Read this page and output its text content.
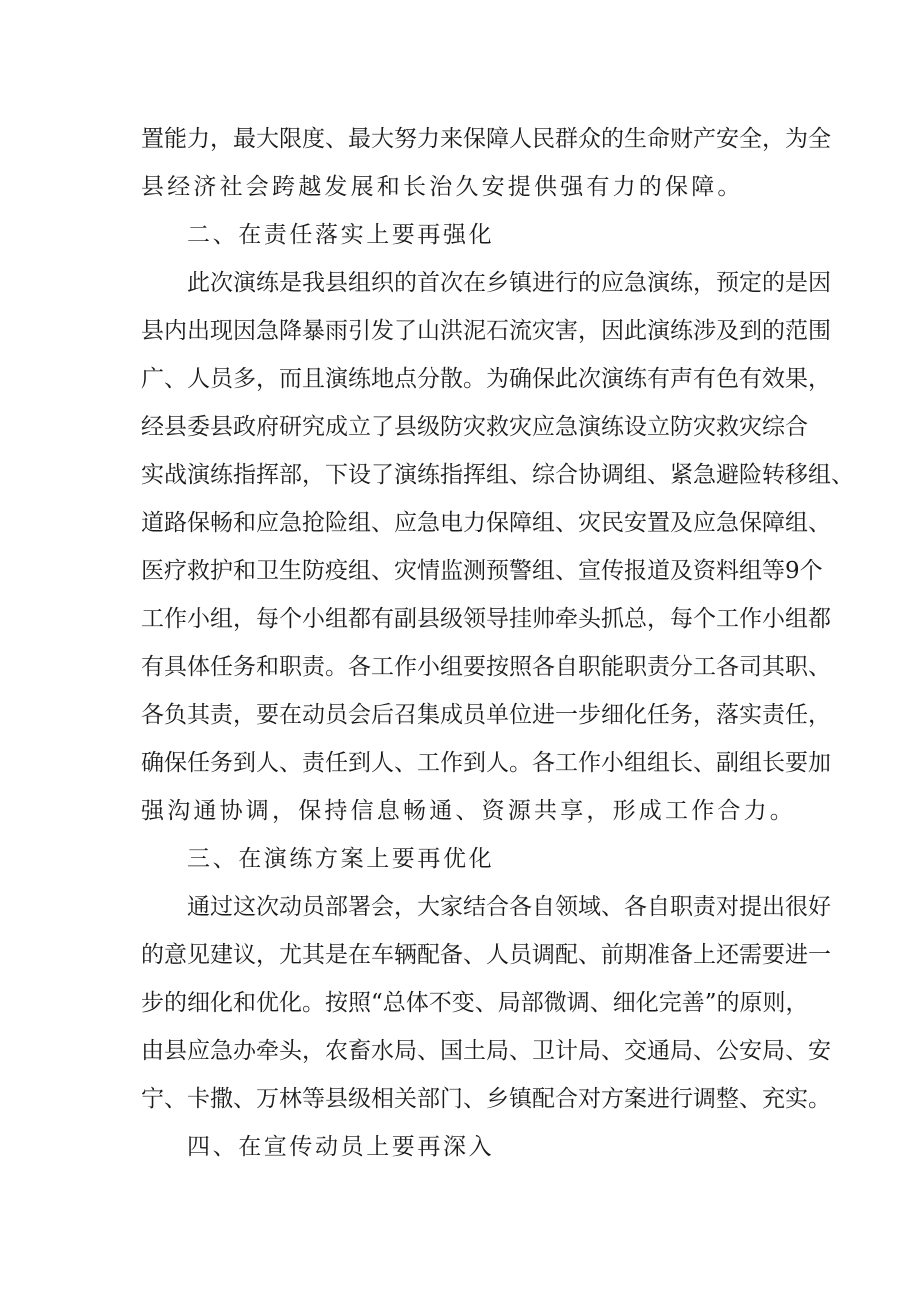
置 能 力 ， 最 大 限 度 、 最 大 努 力 来 保 障 人 民 群 众 的 生 命 财 产 安 全 ， 为 全
县经济社会跨越发展和长治久安提供强有力的保障。
二、在责任落实上要再强化
此 次 演 练 是 我 县 组 织 的 首 次 在 乡 镇 进 行 的 应 急 演 练 ， 预 定 的 是 因
县 内 出 现 因 急 降 暴 雨 引 发 了 山 洪 泥 石 流 灾 害 ， 因 此 演 练 涉 及 到 的 范 围
广 、 人 员 多 ， 而 且 演 练 地 点 分 散 。 为 确 保 此 次 演 练 有 声 有 色 有 效 果 ，
经 县 委 县 政 府 研 究 成 立 了 县 级 防 灾 救 灾 应 急 演 练 设 立 防 灾 救 灾 综 合
实 战 演 练 指 挥 部 ， 下 设 了 演 练 指 挥 组 、 综 合 协 调 组 、 紧 急 避 险 转 移 组 、
道 路 保 畅 和 应 急 抢 险 组 、 应 急 电 力 保 障 组 、 灾 民 安 置 及 应 急 保 障 组 、
医 疗 救 护 和 卫 生 防 疫 组 、 灾 情 监 测 预 警 组 、 宣 传 报 道 及 资 料 组 等 9 个
工 作 小 组 ， 每 个 小 组 都 有 副 县 级 领 导 挂 帅 牵 头 抓 总 ， 每 个 工 作 小 组 都
有 具 体 任 务 和 职 责 。 各 工 作 小 组 要 按 照 各 自 职 能 职 责 分 工 各 司 其 职 、
各 负 其 责 ， 要 在 动 员 会 后 召 集 成 员 单 位 进 一 步 细 化 任 务 ， 落 实 责 任 ，
确 保 任 务 到 人 、 责 任 到 人 、 工 作 到 人 。 各 工 作 小 组 组 长 、 副 组 长 要 加
强沟通协调，保持信息畅通、资源共享，形成工作合力。
三、在演练方案上要再优化
通 过 这 次 动 员 部 署 会 ， 大 家 结 合 各 自 领 域 、 各 自 职 责 对 提 出 很 好
的 意 见 建 议 ， 尤 其 是 在 车 辆 配 备 、 人 员 调 配 、 前 期 准 备 上 还 需 要 进 一
步 的 细 化 和 优 化 。 按 照 “ 总 体 不 变 、 局 部 微 调 、 细 化 完 善 ” 的 原 则 ，
由 县 应 急 办 牵 头 ， 农 畜 水 局 、 国 土 局 、 卫 计 局 、 交 通 局 、 公 安 局 、 安
宁 、 卡 撒 、 万 林 等 县 级 相 关 部 门 、 乡 镇 配 合 对 方 案 进 行 调 整 、 充 实 。
四、在宣传动员上要再深入
